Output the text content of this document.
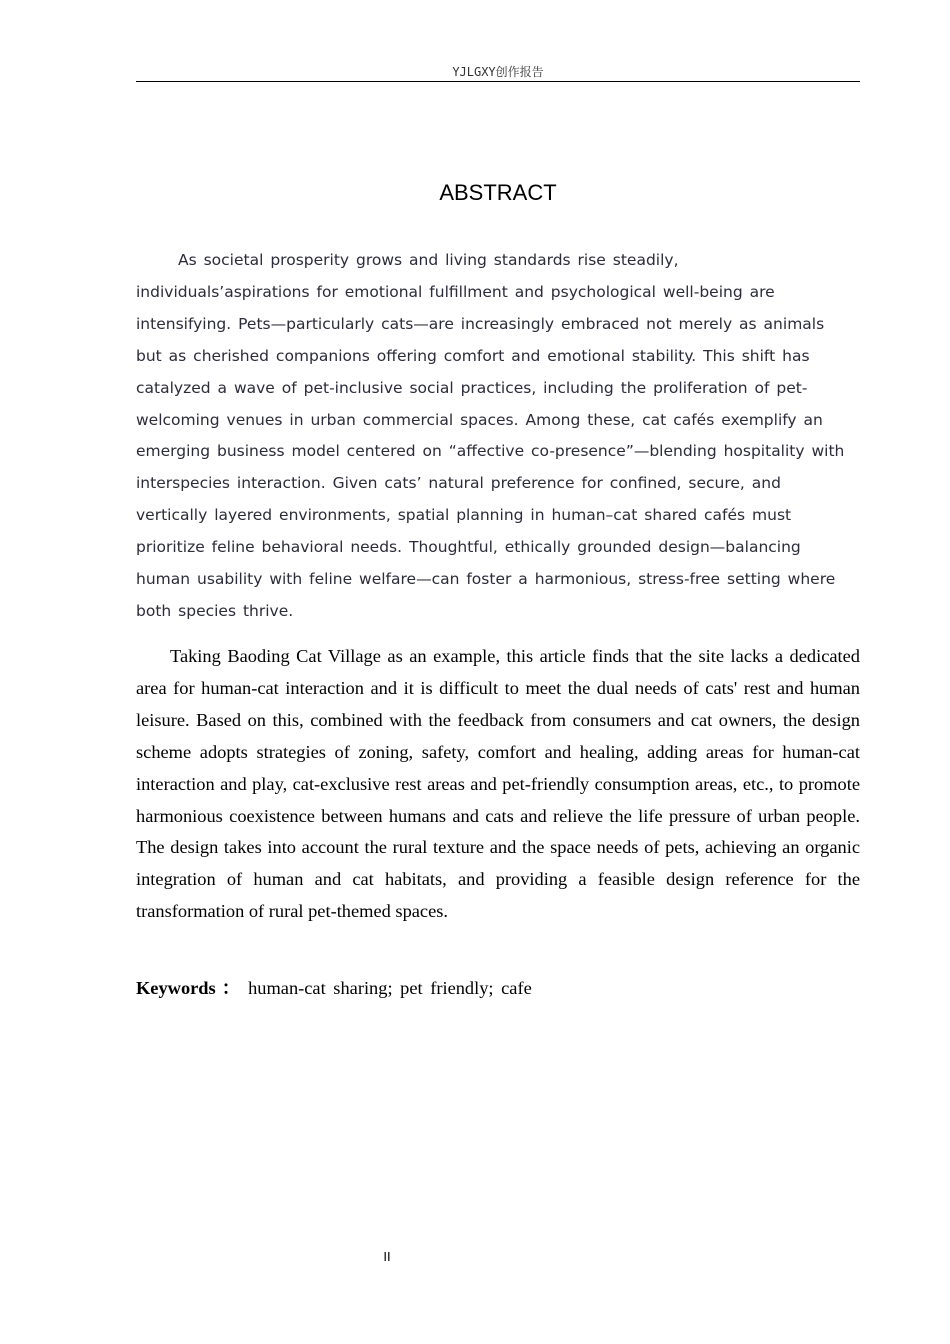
YJLGXY创作报告
ABSTRACT

As societal prosperity grows and living standards rise steadily, individuals’aspirations for emotional fulfillment and psychological well-being are intensifying. Pets—particularly cats—are increasingly embraced not merely as animals but as cherished companions offering comfort and emotional stability. This shift has catalyzed a wave of pet-inclusive social practices, including the proliferation of pet-welcoming venues in urban commercial spaces. Among these, cat cafés exemplify an emerging business model centered on “affective co-presence”—blending hospitality with interspecies interaction. Given cats’ natural preference for confined, secure, and vertically layered environments, spatial planning in human–cat shared cafés must prioritize feline behavioral needs. Thoughtful, ethically grounded design—balancing human usability with feline welfare—can foster a harmonious, stress-free setting where both species thrive.

Taking Baoding Cat Village as an example, this article finds that the site lacks a dedicated area for human-cat interaction and it is difficult to meet the dual needs of cats' rest and human leisure. Based on this, combined with the feedback from consumers and cat owners, the design scheme adopts strategies of zoning, safety, comfort and healing, adding areas for human-cat interaction and play, cat-exclusive rest areas and pet-friendly consumption areas, etc., to promote harmonious coexistence between humans and cats and relieve the life pressure of urban people. The design takes into account the rural texture and the space needs of pets, achieving an organic integration of human and cat habitats, and providing a feasible design reference for the transformation of rural pet-themed spaces.

Keywords ： human-cat sharing; pet friendly; cafe

II
